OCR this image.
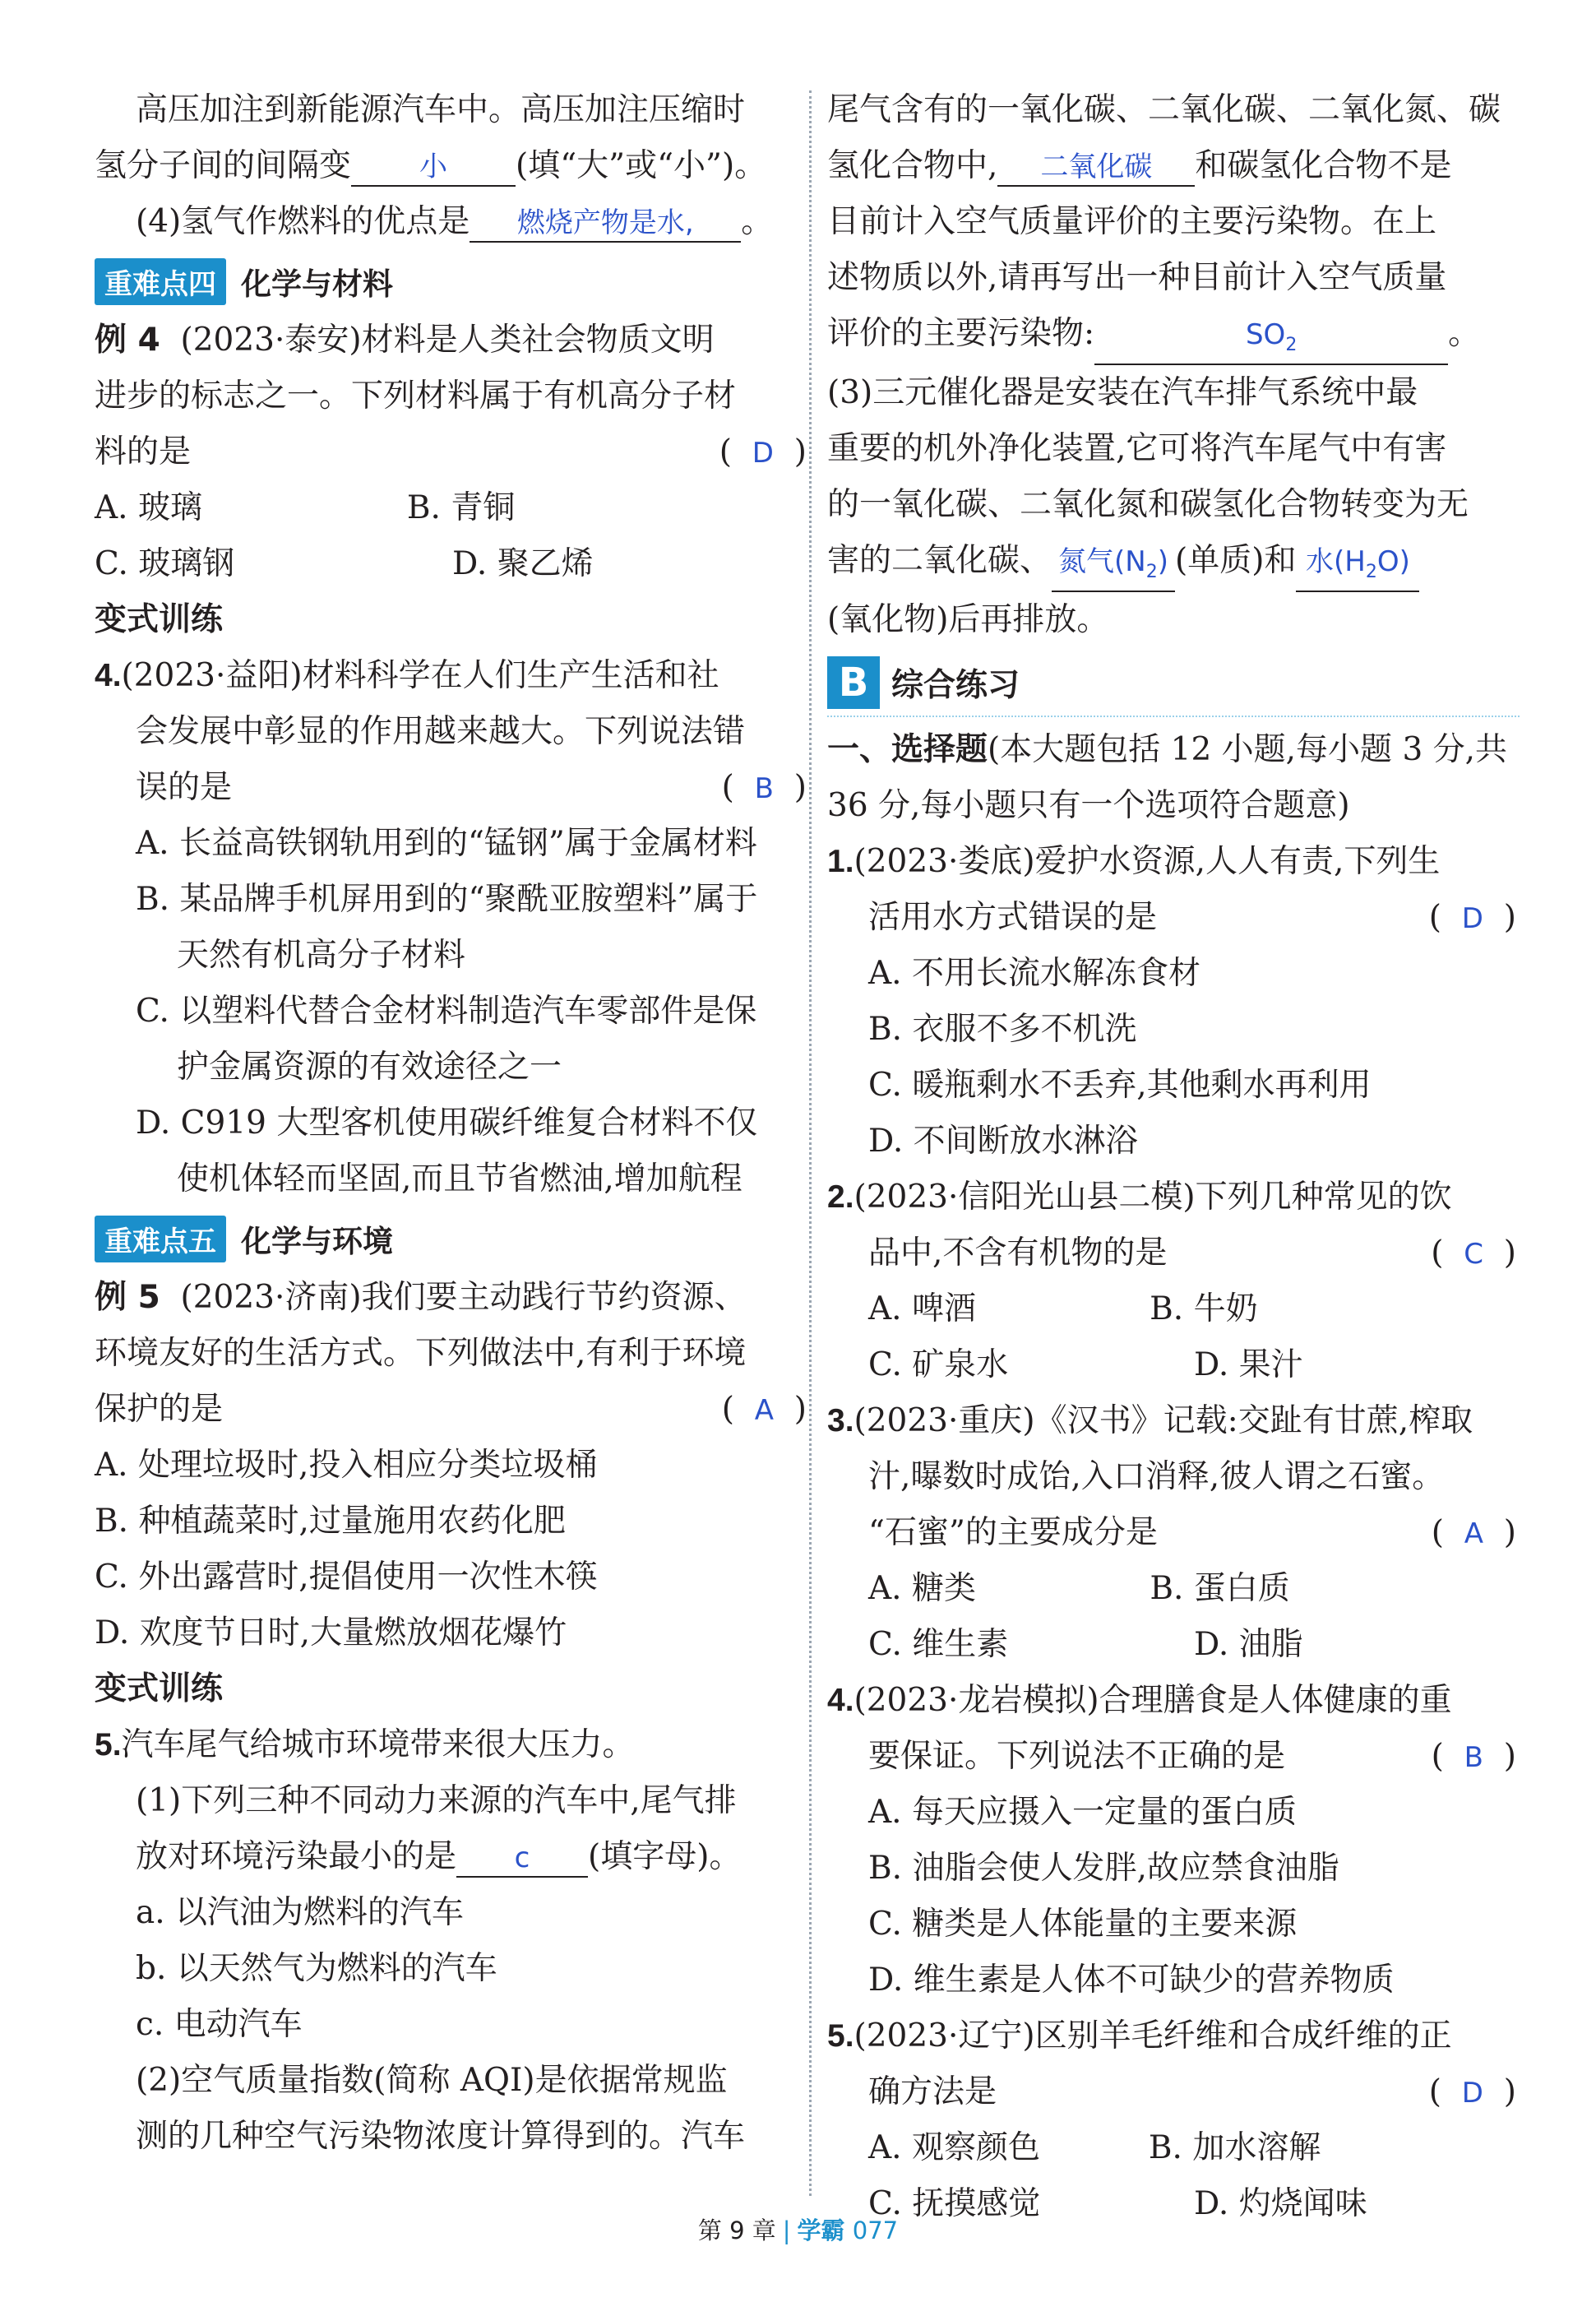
高压加注到新能源汽车中。高压加注压缩时
氢分子间的间隔变 小 (填“大”或“小”)。
(4)氢气作燃料的优点是 燃烧产物是水, 。
重难点四 化学与材料
例 4 (2023·泰安)材料是人类社会物质文明
进步的标志之一。下列材料属于有机高分子材
料的是	(  D  )
A. 玻璃	B. 青铜
C. 玻璃钢	D. 聚乙烯
变式训练
4.(2023·益阳)材料科学在人们生产生活和社
会发展中彰显的作用越来越大。下列说法错
误的是	(  B  )
A. 长益高铁钢轨用到的“锰钢”属于金属材料
B. 某品牌手机屏用到的“聚酰亚胺塑料”属于
天然有机高分子材料
C. 以塑料代替合金材料制造汽车零部件是保
护金属资源的有效途径之一
D. C919 大型客机使用碳纤维复合材料不仅
使机体轻而坚固,而且节省燃油,增加航程
重难点五 化学与环境
例 5 (2023·济南)我们要主动践行节约资源、
环境友好的生活方式。下列做法中,有利于环境
保护的是	(  A  )
A. 处理垃圾时,投入相应分类垃圾桶
B. 种植蔬菜时,过量施用农药化肥
C. 外出露营时,提倡使用一次性木筷
D. 欢度节日时,大量燃放烟花爆竹
变式训练
5.汽车尾气给城市环境带来很大压力。
(1)下列三种不同动力来源的汽车中,尾气排
放对环境污染最小的是 c (填字母)。
a. 以汽油为燃料的汽车
b. 以天然气为燃料的汽车
c. 电动汽车
(2)空气质量指数(简称 AQI)是依据常规监
测的几种空气污染物浓度计算得到的。汽车
尾气含有的一氧化碳、二氧化碳、二氧化氮、碳
氢化合物中, 二氧化碳 和碳氢化合物不是
目前计入空气质量评价的主要污染物。在上
述物质以外,请再写出一种目前计入空气质量
评价的主要污染物:	$SO_2$	。
(3)三元催化器是安装在汽车排气系统中最
重要的机外净化装置,它可将汽车尾气中有害
的一氧化碳、二氧化氮和碳氢化合物转变为无
害的二氧化碳、 氮气$(N_2)$ (单质)和 水$(H_2O)$
(氧化物)后再排放。
B 综合练习
一、选择题(本大题包括 12 小题,每小题 3 分,共
36 分,每小题只有一个选项符合题意)
1.(2023·娄底)爱护水资源,人人有责,下列生
活用水方式错误的是	(  D  )
A. 不用长流水解冻食材
B. 衣服不多不机洗
C. 暖瓶剩水不丢弃,其他剩水再利用
D. 不间断放水淋浴
2.(2023·信阳光山县二模)下列几种常见的饮
品中,不含有机物的是	(  C  )
A. 啤酒	B. 牛奶
C. 矿泉水	D. 果汁
3.(2023·重庆)《汉书》记载:交趾有甘蔗,榨取
汁,曝数时成饴,入口消释,彼人谓之石蜜。
“石蜜”的主要成分是	(  A  )
A. 糖类	B. 蛋白质
C. 维生素	D. 油脂
4.(2023·龙岩模拟)合理膳食是人体健康的重
要保证。下列说法不正确的是	(  B  )
A. 每天应摄入一定量的蛋白质
B. 油脂会使人发胖,故应禁食油脂
C. 糖类是人体能量的主要来源
D. 维生素是人体不可缺少的营养物质
5.(2023·辽宁)区别羊毛纤维和合成纤维的正
确方法是	(  D  )
A. 观察颜色	B. 加水溶解
C. 抚摸感觉	D. 灼烧闻味
第 9 章 | 学霸 077
